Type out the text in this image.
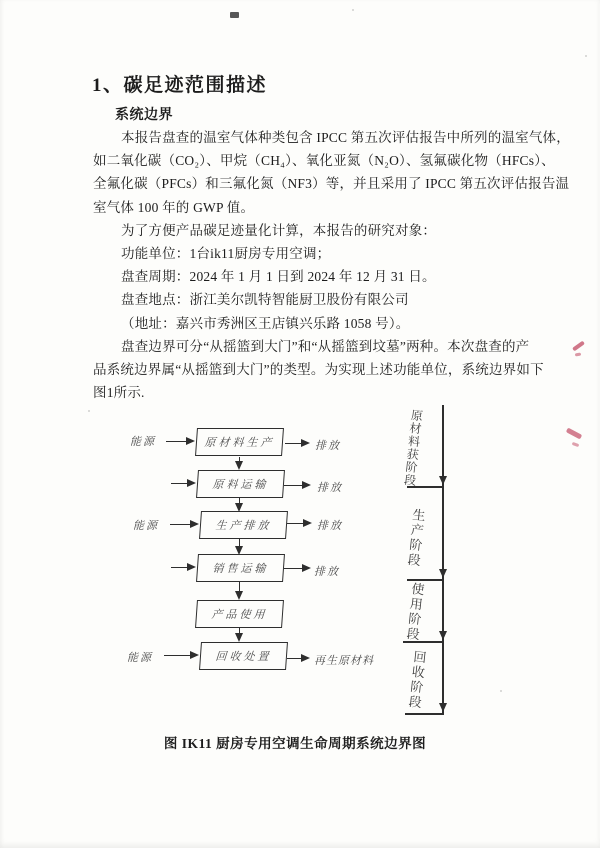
1、碳足迹范围描述
系统边界
本报告盘查的温室气体种类包含 IPCC 第五次评估报告中所列的温室气体，
如二氧化碳（CO₂）、甲烷（CH₄）、氧化亚氮（N₂O）、氢氟碳化物（HFCs）、
全氟化碳（PFCs）和三氟化氮（NF3）等，并且采用了 IPCC 第五次评估报告温
室气体 100 年的 GWP 值。
为了方便产品碳足迹量化计算，本报告的研究对象：
功能单位：1台ik11厨房专用空调；
盘查周期：2024 年 1 月 1 日到 2024 年 12 月 31 日。
盘查地点：浙江美尔凯特智能厨卫股份有限公司
（地址：嘉兴市秀洲区王店镇兴乐路 1058 号）。
盘查边界可分“从摇篮到大门”和“从摇篮到坟墓”两种。本次盘查的产
品系统边界属“从摇篮到大门”的类型。为实现上述功能单位，系统边界如下
图1所示.
原材料生产
原料运输
生产排放
销售运输
产品使用
回收处置
能源
能源
能源
排放
排放
排放
排放
再生原材料
原材料获阶段
生产阶段
使用阶段
回收阶段
图 IK11 厨房专用空调生命周期系统边界图
